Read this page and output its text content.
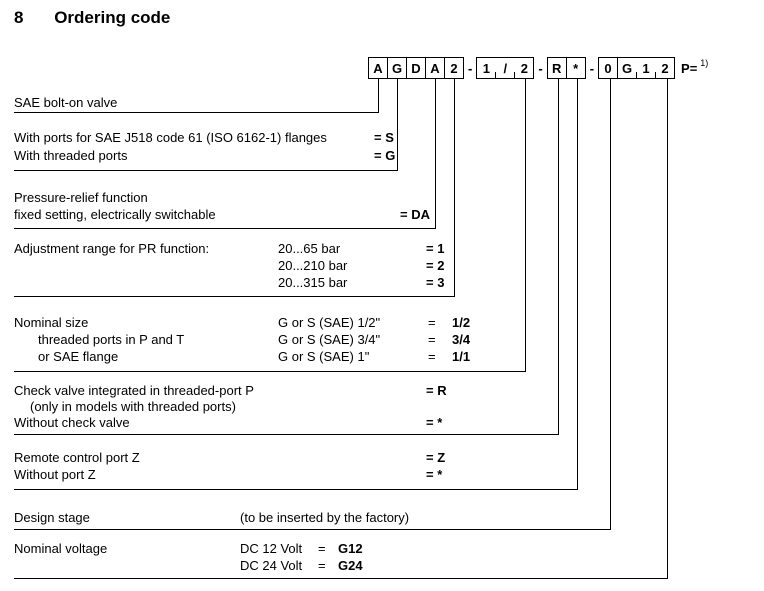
8 Ordering code
A G D A 2 - 1	/	2 - R * - 0 G 1 2 P= 1)
SAE bolt-on valve
With ports for SAE J518 code 61 (ISO 6162-1) flanges	= S
With threaded ports	= G
Pressure-relief function
fixed setting, electrically switchable	= DA
Adjustment range for PR function:	20...65 bar	= 1
20...210 bar	= 2
20...315 bar	= 3
Nominal size	G or S (SAE) 1/2"	= 1/2
threaded ports in P and T	G or S (SAE) 3/4"	= 3/4
or SAE flange	G or S (SAE) 1"	= 1/1
Check valve integrated in threaded-port P	= R
(only in models with threaded ports)
Without check valve	= *
Remote control port Z	= Z
Without port Z	= *
Design stage	(to be inserted by the factory)
Nominal voltage	DC 12 Volt = G12
DC 24 Volt = G24
